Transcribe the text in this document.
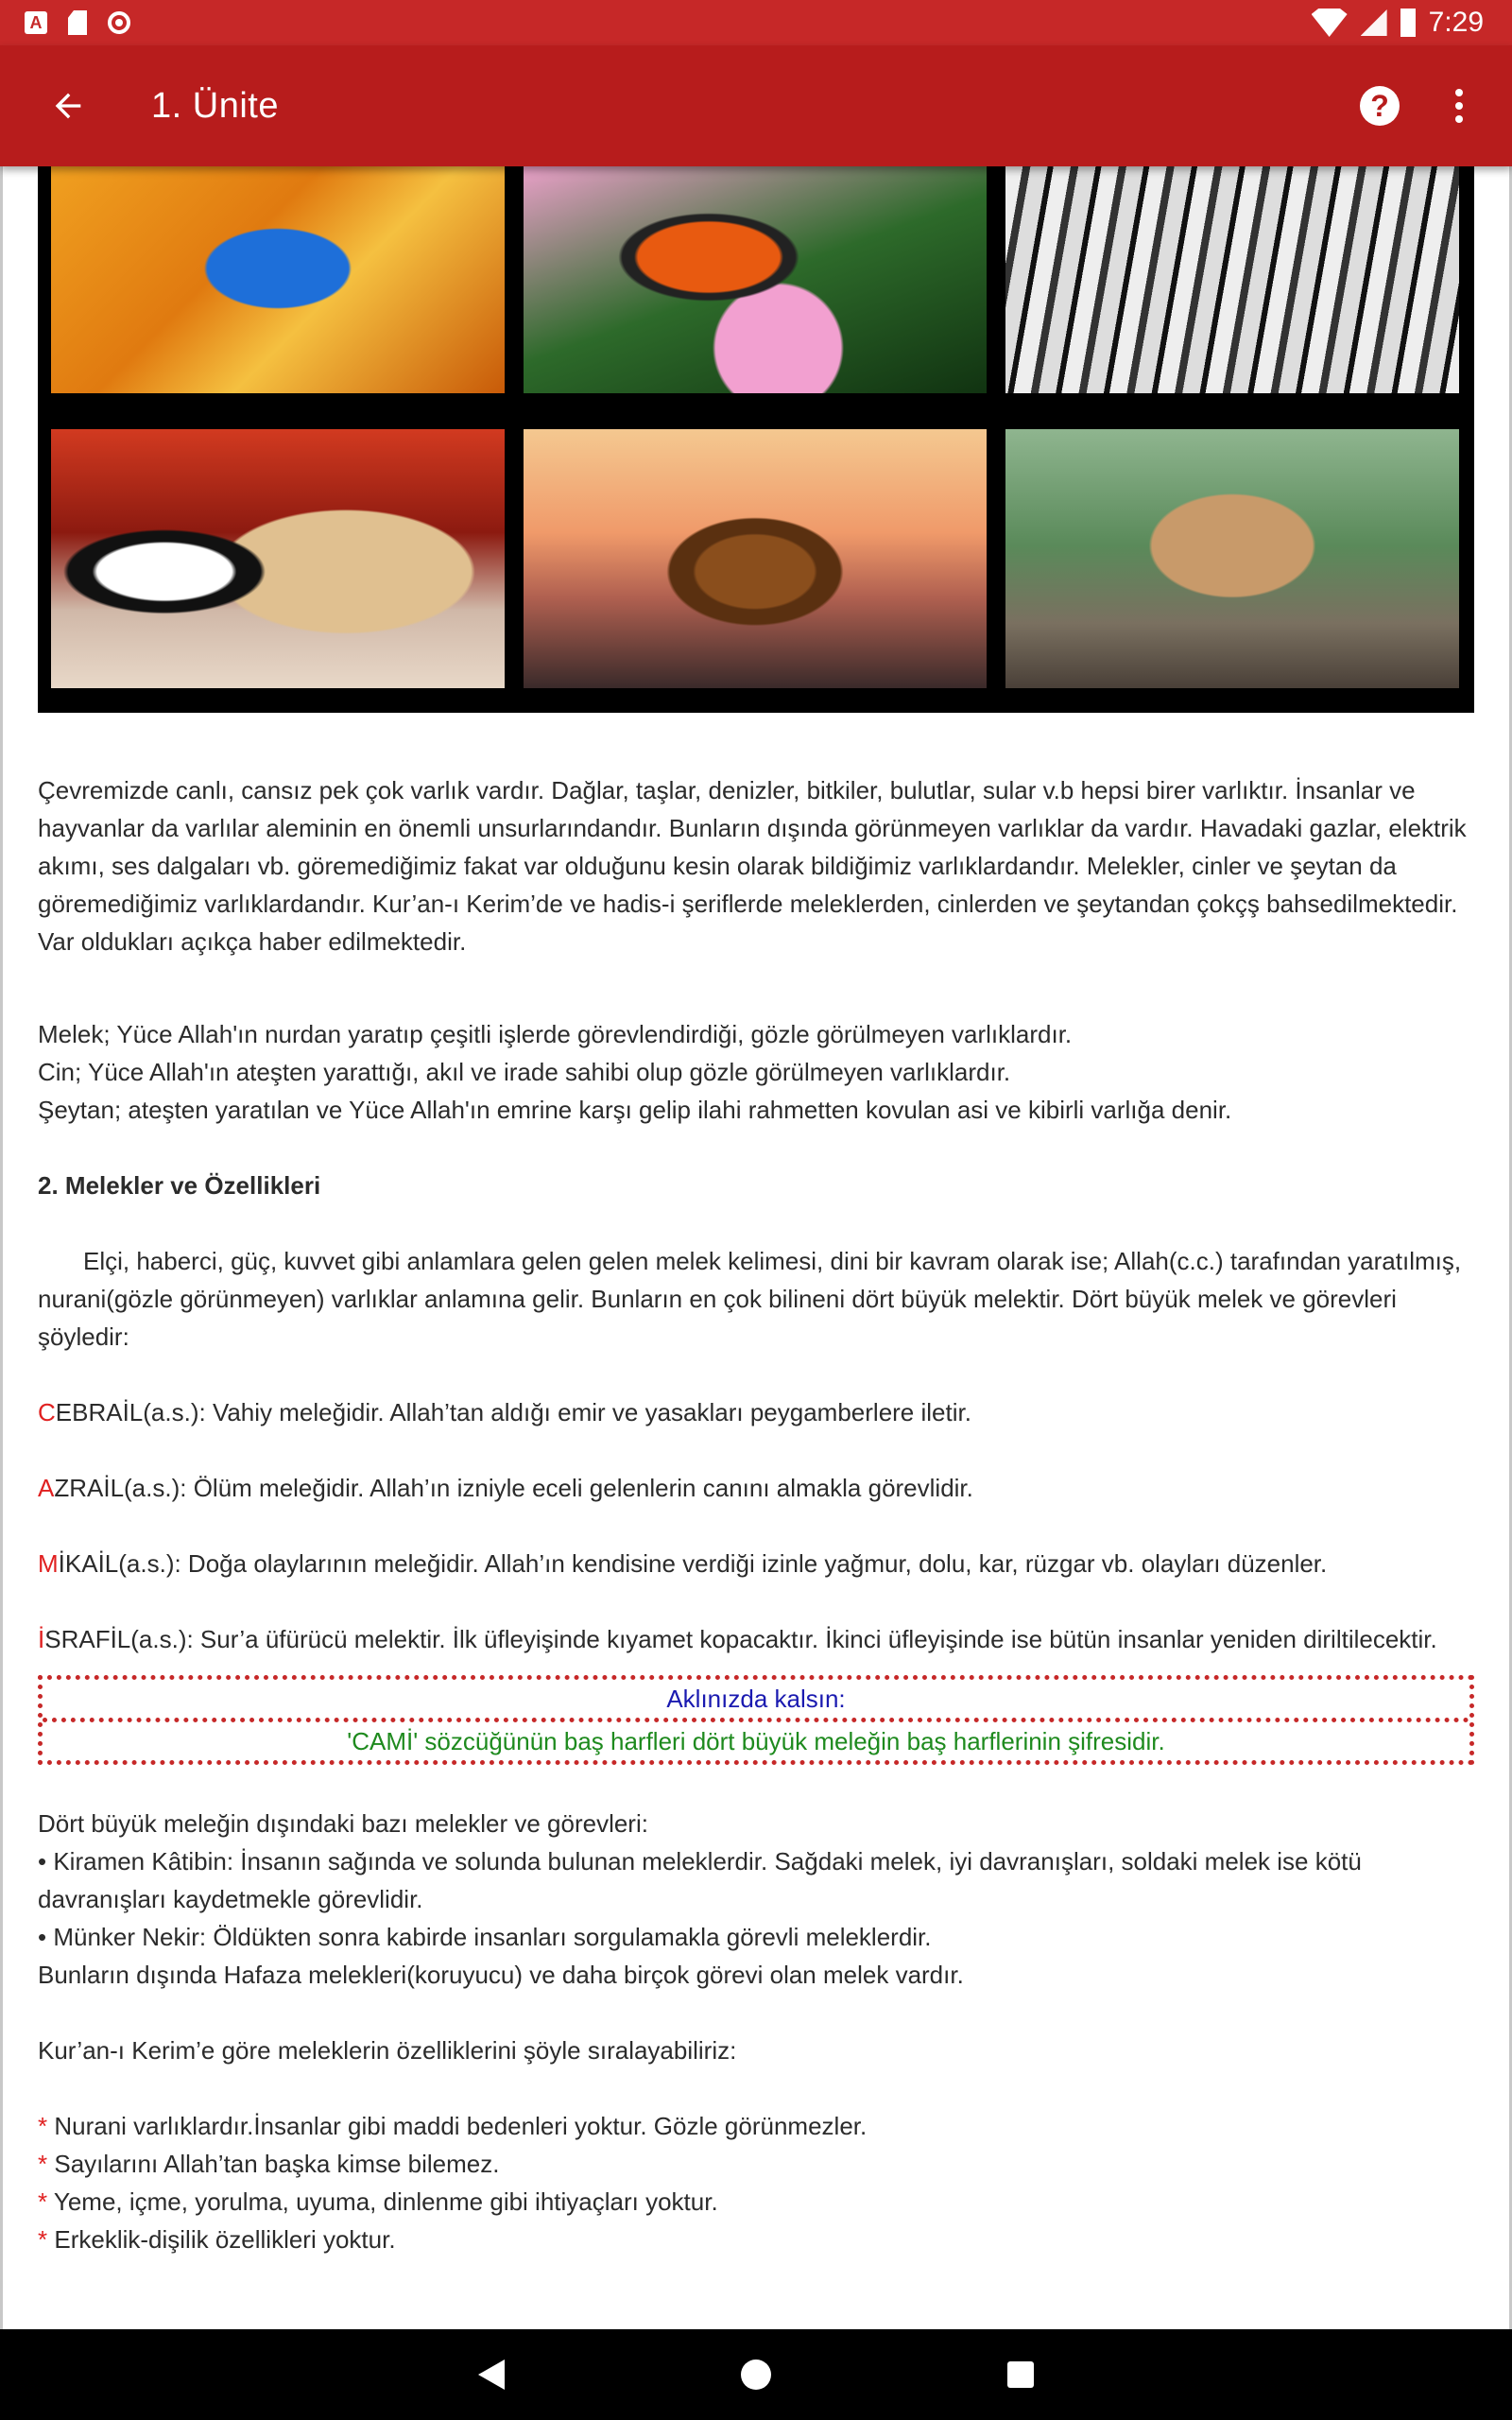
A	7:29
1. Ünite	?

Çevremizde canlı, cansız pek çok varlık vardır. Dağlar, taşlar, denizler, bitkiler, bulutlar, sular v.b hepsi birer varlıktır. İnsanlar ve hayvanlar da varlılar aleminin en önemli unsurlarındandır. Bunların dışında görünmeyen varlıklar da vardır. Havadaki gazlar, elektrik akımı, ses dalgaları vb. göremediğimiz fakat var olduğunu kesin olarak bildiğimiz varlıklardandır. Melekler, cinler ve şeytan da göremediğimiz varlıklardandır. Kur’an-ı Kerim’de ve hadis-i şeriflerde meleklerden, cinlerden ve şeytandan çokçş bahsedilmektedir. Var oldukları açıkça haber edilmektedir.

Melek; Yüce Allah'ın nurdan yaratıp çeşitli işlerde görevlendirdiği, gözle görülmeyen varlıklardır.

Cin; Yüce Allah'ın ateşten yarattığı, akıl ve irade sahibi olup gözle görülmeyen varlıklardır.

Şeytan; ateşten yaratılan ve Yüce Allah'ın emrine karşı gelip ilahi rahmetten kovulan asi ve kibirli varlığa denir.

2. Melekler ve Özellikleri

Elçi, haberci, güç, kuvvet gibi anlamlara gelen gelen melek kelimesi, dini bir kavram olarak ise; Allah(c.c.) tarafından yaratılmış, nurani(gözle görünmeyen) varlıklar anlamına gelir. Bunların en çok bilineni dört büyük melektir. Dört büyük melek ve görevleri şöyledir:

CEBRAİL(a.s.): Vahiy meleğidir. Allah’tan aldığı emir ve yasakları peygamberlere iletir.

AZRAİL(a.s.): Ölüm meleğidir. Allah’ın izniyle eceli gelenlerin canını almakla görevlidir.

MİKAİL(a.s.): Doğa olaylarının meleğidir. Allah’ın kendisine verdiği izinle yağmur, dolu, kar, rüzgar vb. olayları düzenler.

İSRAFİL(a.s.): Sur’a üfürücü melektir. İlk üfleyişinde kıyamet kopacaktır. İkinci üfleyişinde ise bütün insanlar yeniden diriltilecektir.

Aklınızda kalsın:
'CAMİ' sözcüğünün baş harfleri dört büyük meleğin baş harflerinin şifresidir.

Dört büyük meleğin dışındaki bazı melekler ve görevleri:

• Kiramen Kâtibin: İnsanın sağında ve solunda bulunan meleklerdir. Sağdaki melek, iyi davranışları, soldaki melek ise kötü davranışları kaydetmekle görevlidir.

• Münker Nekir: Öldükten sonra kabirde insanları sorgulamakla görevli meleklerdir.

Bunların dışında Hafaza melekleri(koruyucu) ve daha birçok görevi olan melek vardır.

Kur’an-ı Kerim’e göre meleklerin özelliklerini şöyle sıralayabiliriz:

* Nurani varlıklardır.İnsanlar gibi maddi bedenleri yoktur. Gözle görünmezler.

* Sayılarını Allah’tan başka kimse bilemez.

* Yeme, içme, yorulma, uyuma, dinlenme gibi ihtiyaçları yoktur.

* Erkeklik-dişilik özellikleri yoktur.
